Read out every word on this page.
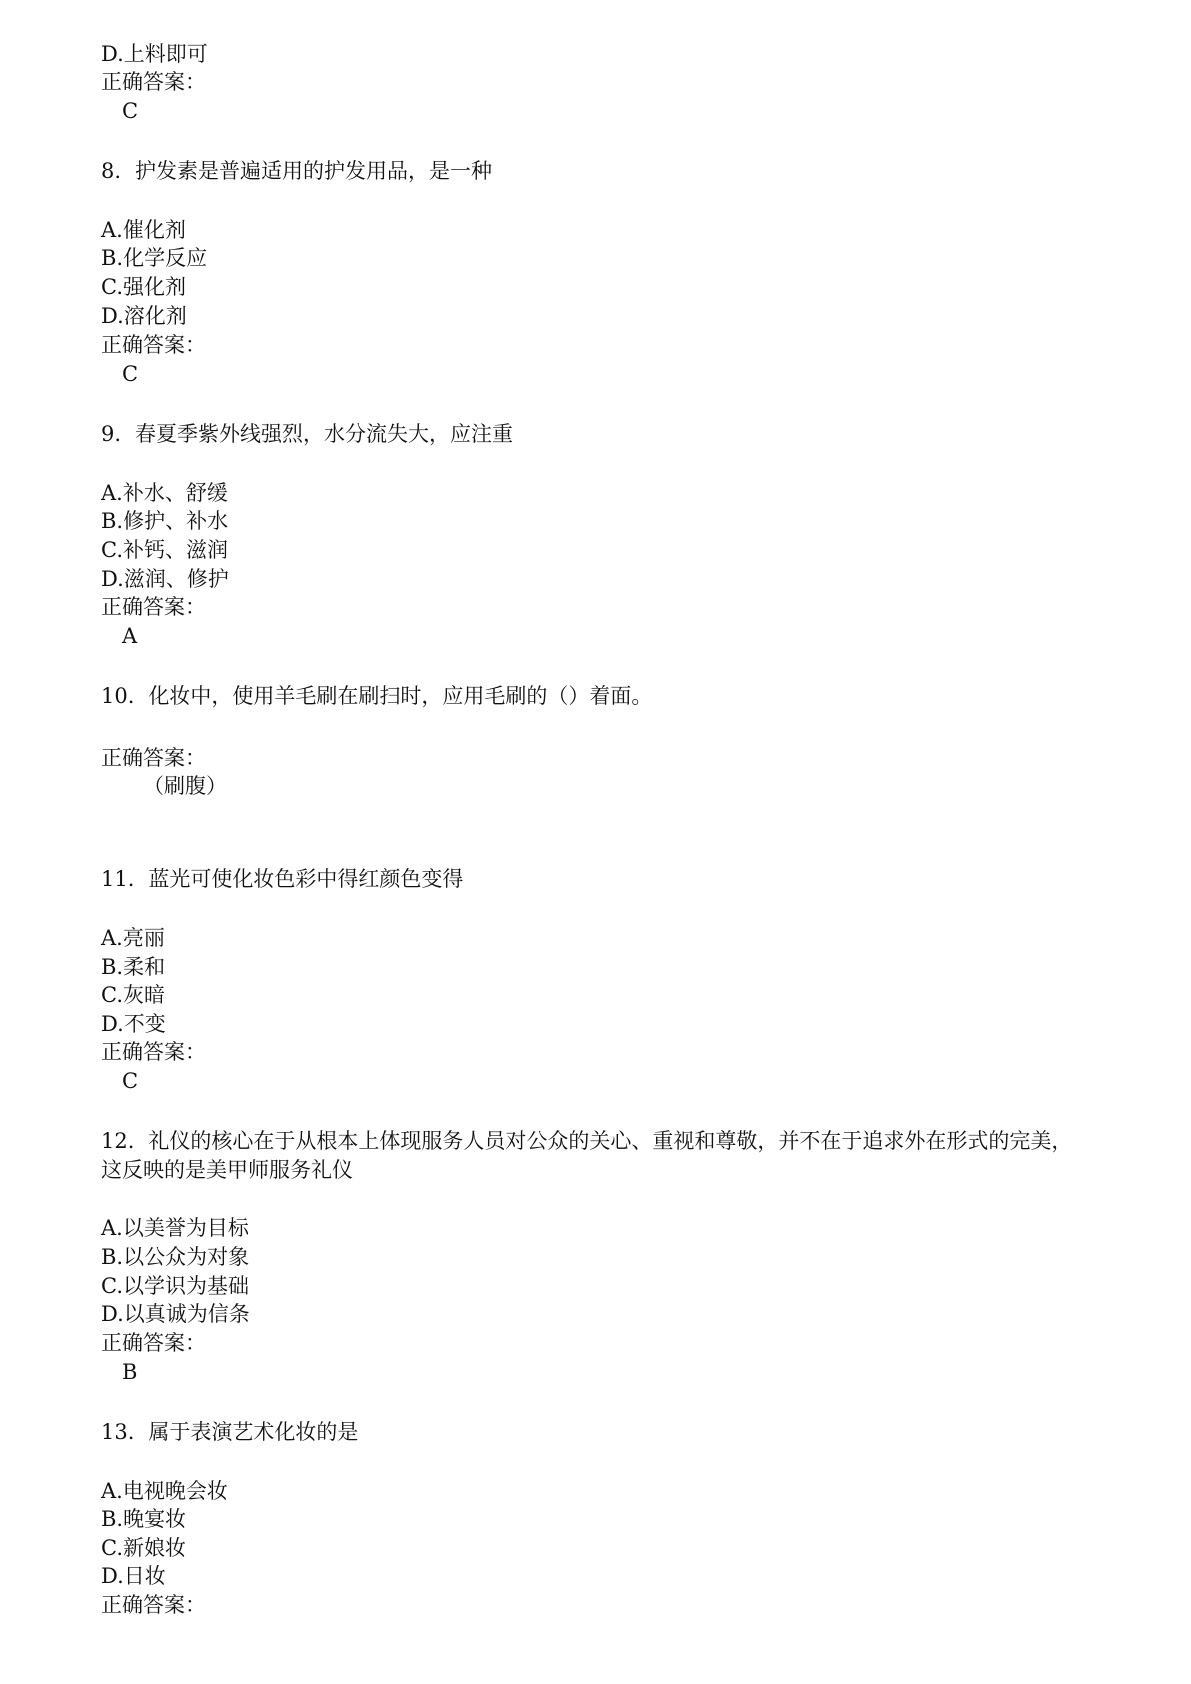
D.上料即可
正确答案：
C
8. 护发素是普遍适用的护发用品，是一种
A.催化剂
B.化学反应
C.强化剂
D.溶化剂
正确答案：
C
9. 春夏季紫外线强烈，水分流失大，应注重
A.补水、舒缓
B.修护、补水
C.补钙、滋润
D.滋润、修护
正确答案：
A
10. 化妆中，使用羊毛刷在刷扫时，应用毛刷的（）着面。
正确答案：
（刷腹）
11. 蓝光可使化妆色彩中得红颜色变得
A.亮丽
B.柔和
C.灰暗
D.不变
正确答案：
C
12. 礼仪的核心在于从根本上体现服务人员对公众的关心、重视和尊敬，并不在于追求外在形式的完美，
这反映的是美甲师服务礼仪
A.以美誉为目标
B.以公众为对象
C.以学识为基础
D.以真诚为信条
正确答案：
B
13. 属于表演艺术化妆的是
A.电视晚会妆
B.晚宴妆
C.新娘妆
D.日妆
正确答案：
